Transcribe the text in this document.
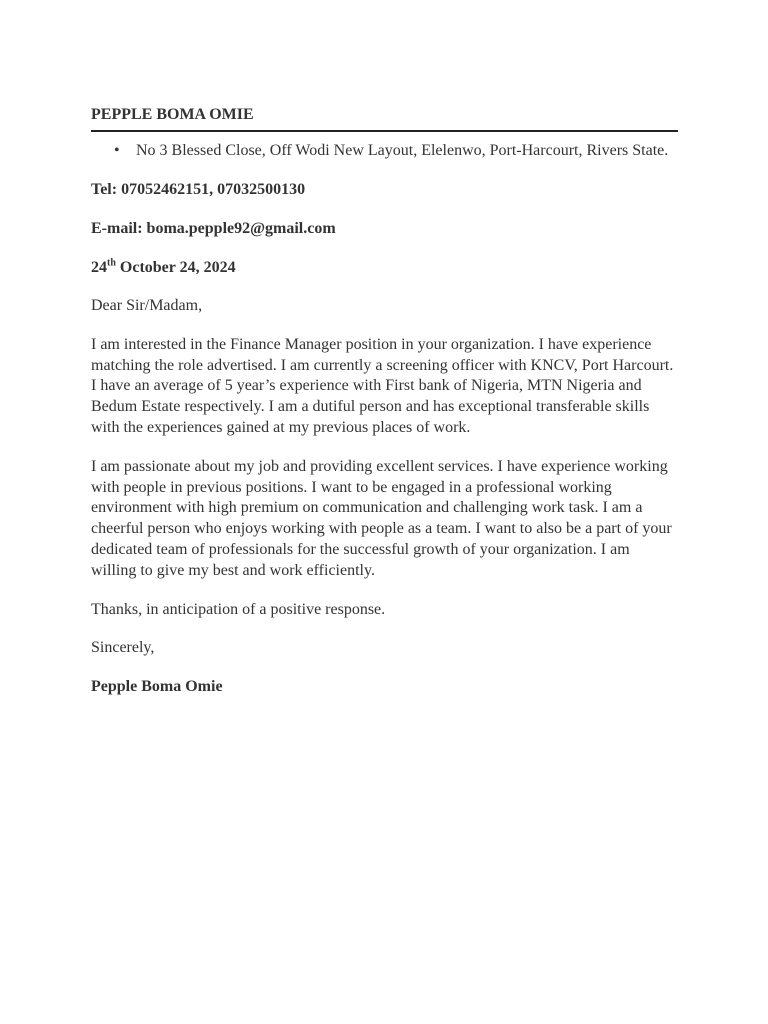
PEPPLE BOMA OMIE
• No 3 Blessed Close, Off Wodi New Layout, Elelenwo, Port-Harcourt, Rivers State.
Tel: 07052462151, 07032500130
E-mail: boma.pepple92@gmail.com
24th October 24, 2024

Dear Sir/Madam,

I am interested in the Finance Manager position in your organization. I have experience matching the role advertised. I am currently a screening officer with KNCV, Port Harcourt. I have an average of 5 year’s experience with First bank of Nigeria, MTN Nigeria and Bedum Estate respectively. I am a dutiful person and has exceptional transferable skills with the experiences gained at my previous places of work.

I am passionate about my job and providing excellent services. I have experience working with people in previous positions. I want to be engaged in a professional working environment with high premium on communication and challenging work task. I am a cheerful person who enjoys working with people as a team. I want to also be a part of your dedicated team of professionals for the successful growth of your organization. I am willing to give my best and work efficiently.

Thanks, in anticipation of a positive response.

Sincerely,

Pepple Boma Omie
